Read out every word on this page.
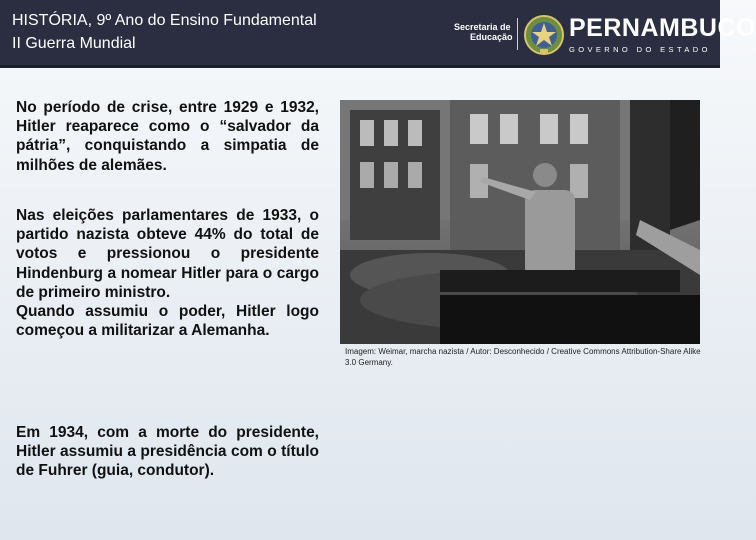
HISTÓRIA, 9º Ano do Ensino Fundamental
II Guerra Mundial
Secretaria de
Educação PERNAMBUCO
GOVERNO DO ESTADO

No período de crise, entre 1929 e 1932, Hitler reaparece como o “salvador da pátria”, conquistando a simpatia de milhões de alemães.

Nas eleições parlamentares de 1933, o partido nazista obteve 44% do total de votos e pressionou o presidente Hindenburg a nomear Hitler para o cargo de primeiro ministro.
Quando assumiu o poder, Hitler logo começou a militarizar a Alemanha.

Em 1934, com a morte do presidente, Hitler assumiu a presidência com o título de Fuhrer (guia, condutor).

Imagem: Weimar, marcha nazista / Autor: Desconhecido / Creative Commons Attribution-Share Alike 3.0 Germany.
